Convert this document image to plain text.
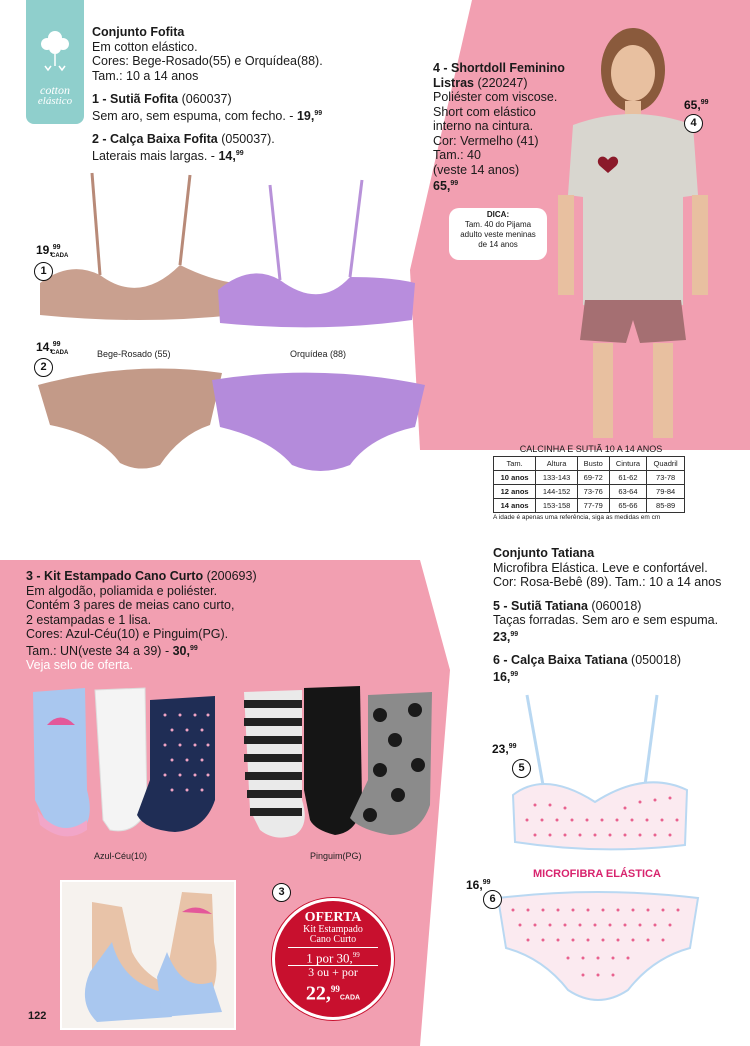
cotton
elástico
Conjunto Fofita
Em cotton elástico.
Cores: Bege-Rosado(55) e Orquídea(88).
Tam.: 10 a 14 anos
1 - Sutiã Fofita (060037)
Sem aro, sem espuma, com fecho. - 19,99
2 - Calça Baixa Fofita (050037).
Laterais mais largas. - 14,99
19,99
CADA
1
14,99
CADA
2
Bege-Rosado (55)	Orquídea (88)
4 - Shortdoll Feminino
Listras (220247)
Poliéster com viscose.
Short com elástico
interno na cintura.
Cor: Vermelho (41)
Tam.: 40
(veste 14 anos)
65,99
DICA:
Tam. 40 do Pijama
adulto veste meninas
de 14 anos
65,99
4
CALCINHA E SUTIÃ 10 A 14 ANOS
Tam.	Altura	Busto	Cintura	Quadril
10 anos	133-143	69-72	61-62	73-78
12 anos	144-152	73-76	63-64	79-84
14 anos	153-158	77-79	65-66	85-89
A idade é apenas uma referência, siga as medidas em cm
3 - Kit Estampado Cano Curto (200693)
Em algodão, poliamida e poliéster.
Contém 3 pares de meias cano curto,
2 estampadas e 1 lisa.
Cores: Azul-Céu(10) e Pinguim(PG).
Tam.: UN(veste 34 a 39) - 30,99
Veja selo de oferta.
Azul-Céu(10)	Pinguim(PG)
3
OFERTA
Kit Estampado
Cano Curto
1 por 30,99
3 ou + por
22,99CADA
Conjunto Tatiana
Microfibra Elástica. Leve e confortável.
Cor: Rosa-Bebê (89). Tam.: 10 a 14 anos
5 - Sutiã Tatiana (060018)
Taças forradas. Sem aro e sem espuma.
23,99
6 - Calça Baixa Tatiana (050018)
16,99
23,99
5
MICROFIBRA ELÁSTICA
16,99
6
122
